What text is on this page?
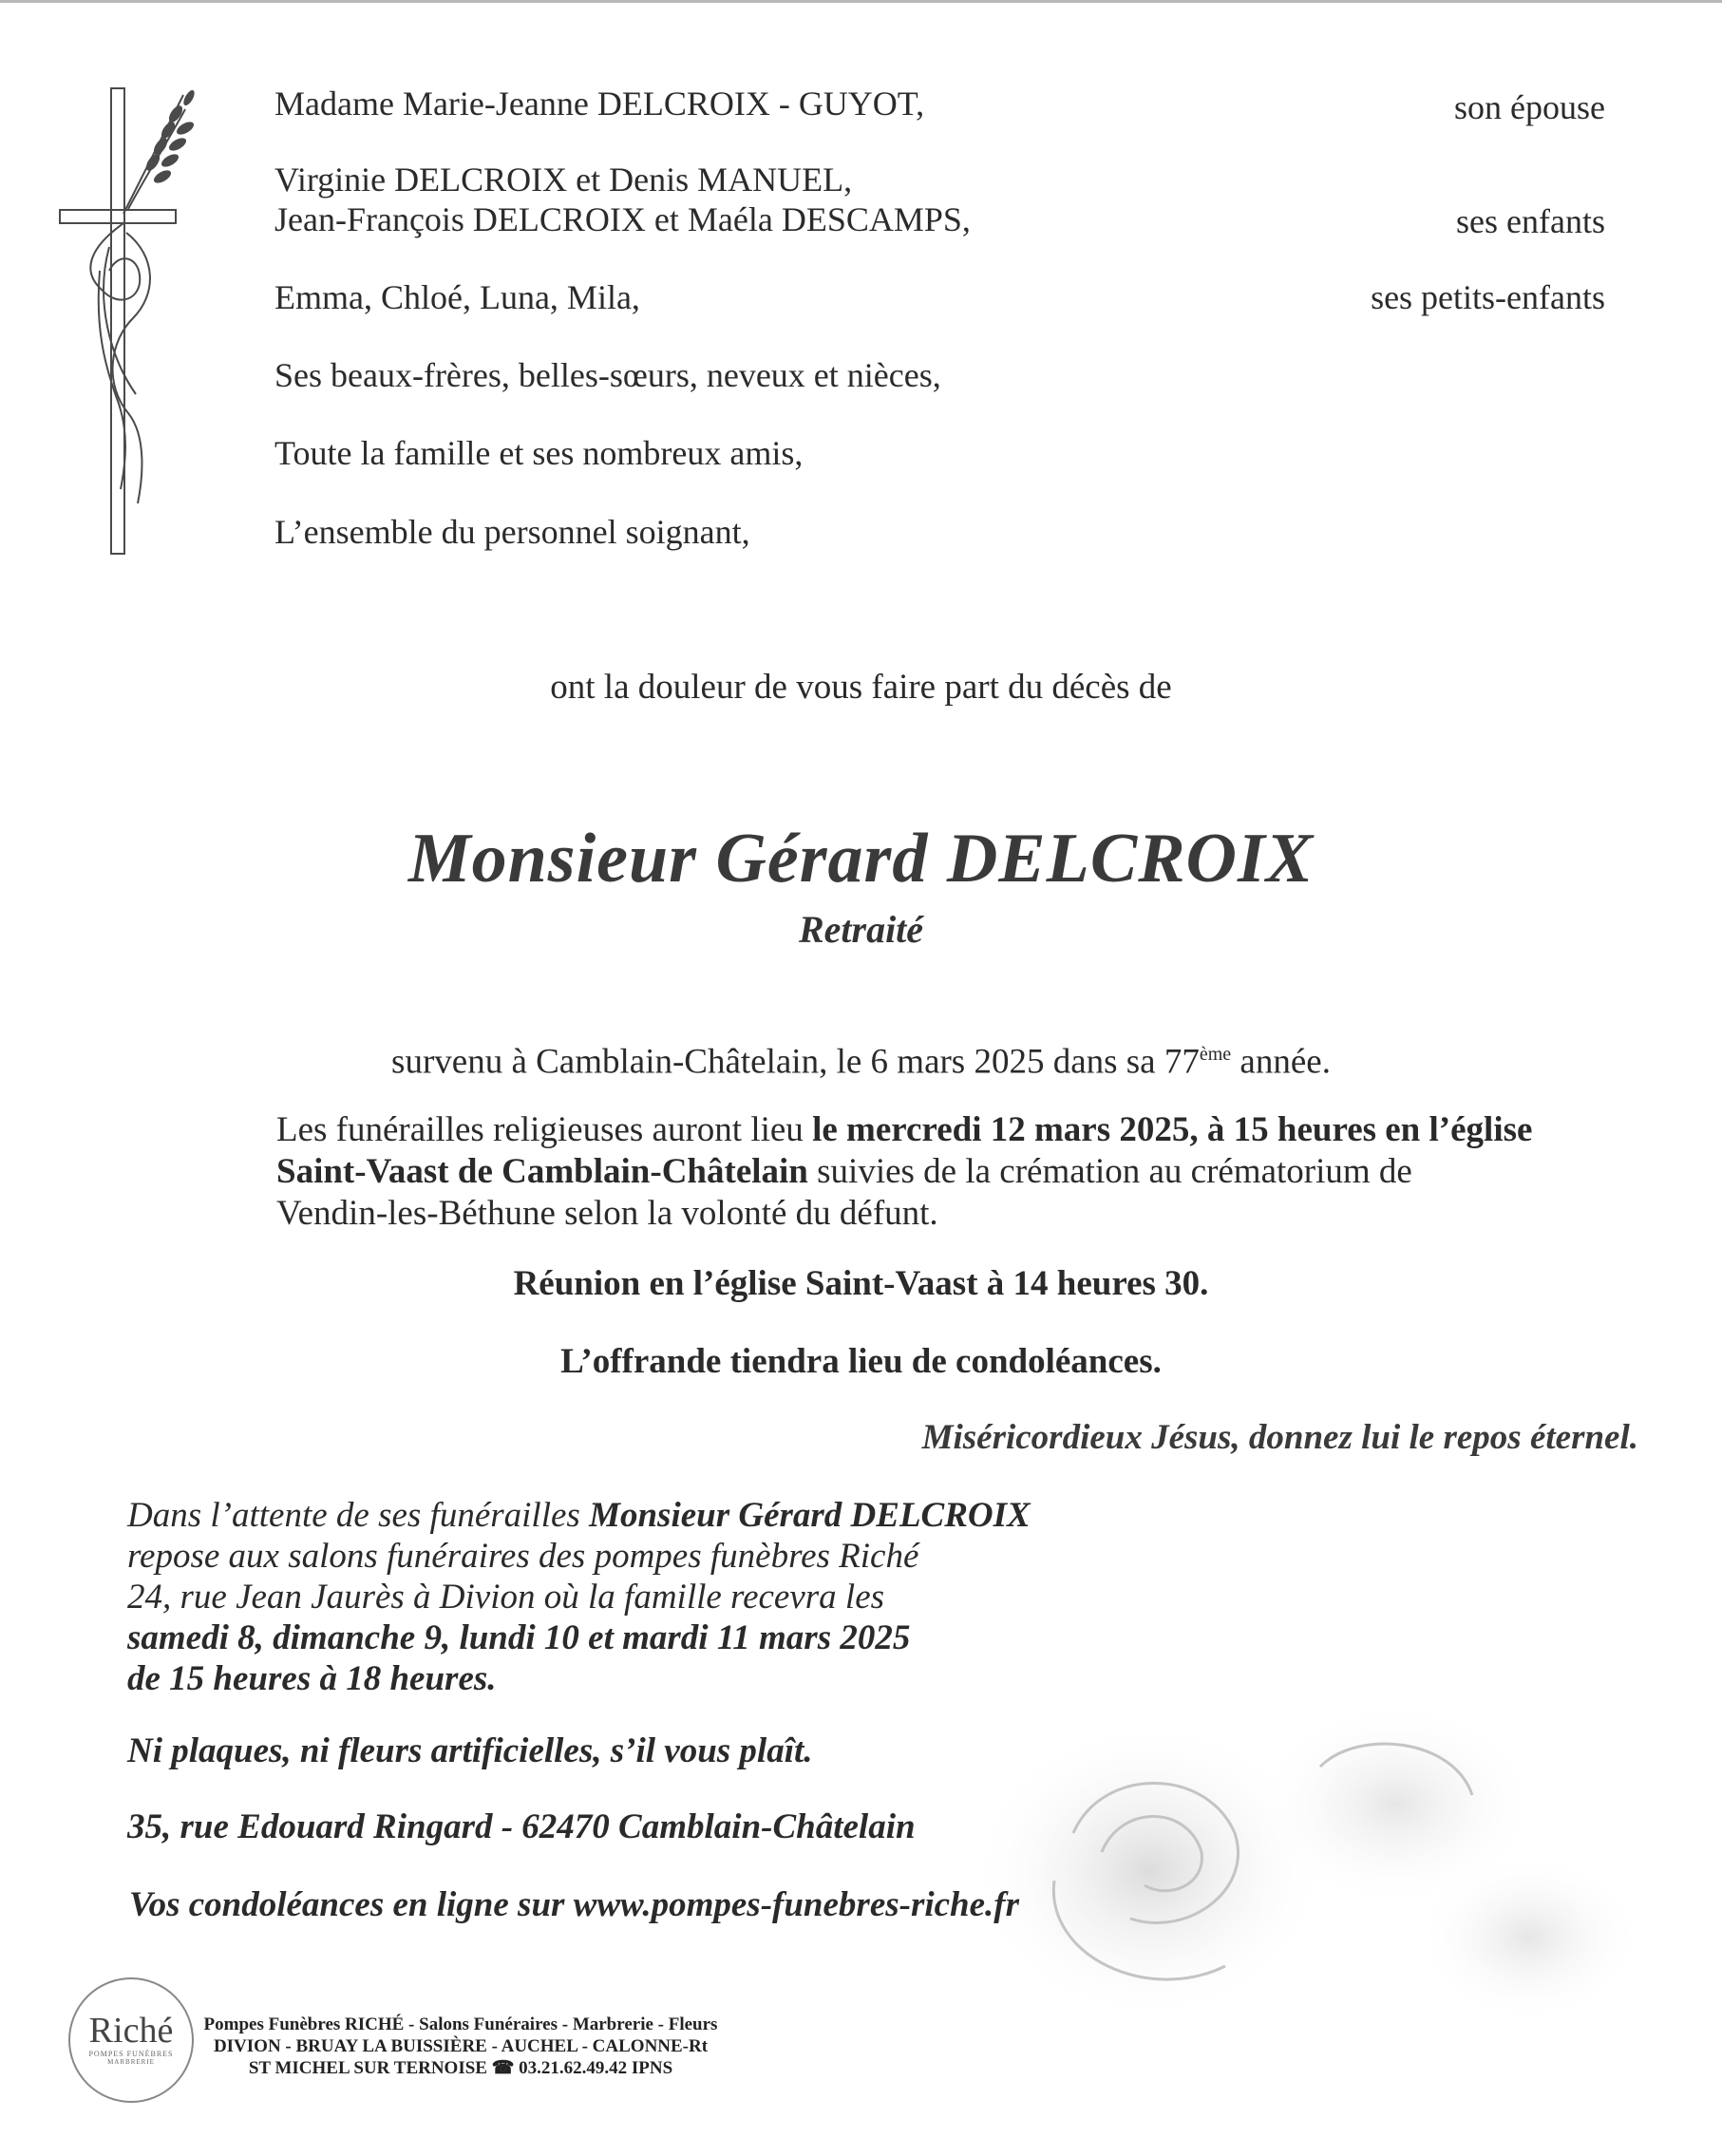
Madame Marie-Jeanne DELCROIX - GUYOT,	son épouse
Virginie DELCROIX et Denis MANUEL,
Jean-François DELCROIX et Maéla DESCAMPS,	ses enfants
Emma, Chloé, Luna, Mila,	ses petits-enfants
Ses beaux-frères, belles-sœurs, neveux et nièces,
Toute la famille et ses nombreux amis,
L’ensemble du personnel soignant,
ont la douleur de vous faire part du décès de
Monsieur Gérard DELCROIX
Retraité
survenu à Camblain-Châtelain, le 6 mars 2025 dans sa 77ème année.
Les funérailles religieuses auront lieu le mercredi 12 mars 2025, à 15 heures en l’église
Saint-Vaast de Camblain-Châtelain suivies de la crémation au crématorium de
Vendin-les-Béthune selon la volonté du défunt.
Réunion en l’église Saint-Vaast à 14 heures 30.
L’offrande tiendra lieu de condoléances.
Miséricordieux Jésus, donnez lui le repos éternel.
Dans l’attente de ses funérailles Monsieur Gérard DELCROIX
repose aux salons funéraires des pompes funèbres Riché
24, rue Jean Jaurès à Divion où la famille recevra les
samedi 8, dimanche 9, lundi 10 et mardi 11 mars 2025
de 15 heures à 18 heures.
Ni plaques, ni fleurs artificielles, s’il vous plaît.
35, rue Edouard Ringard - 62470 Camblain-Châtelain
Vos condoléances en ligne sur www.pompes-funebres-riche.fr
Riché
POMPES FUNÈBRES
MARBRERIE
Pompes Funèbres RICHÉ - Salons Funéraires - Marbrerie - Fleurs
DIVION - BRUAY LA BUISSIÈRE - AUCHEL - CALONNE-Rt
ST MICHEL SUR TERNOISE ☎ 03.21.62.49.42 IPNS
